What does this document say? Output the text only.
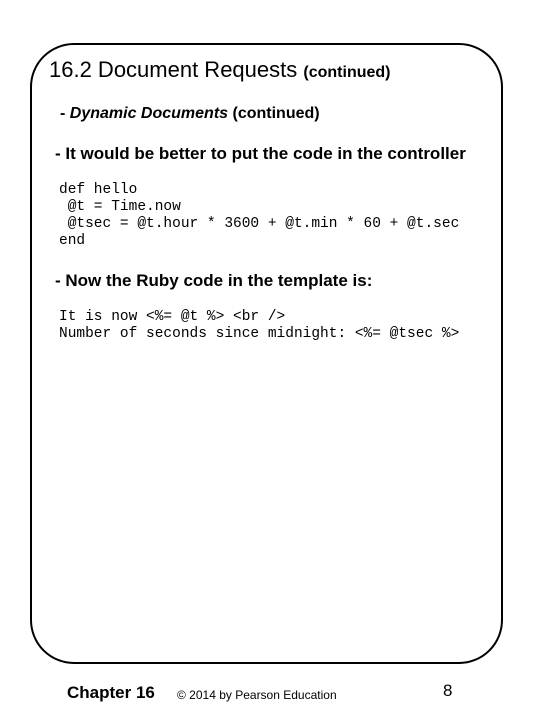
16.2 Document Requests (continued)
- Dynamic Documents (continued)
- It would be better to put the code in the controller
def hello
@t = Time.now
@tsec = @t.hour * 3600 + @t.min * 60 + @t.sec
end
- Now the Ruby code in the template is:
It is now <%= @t %> <br />
Number of seconds since midnight: <%= @tsec %>
Chapter 16 © 2014 by Pearson Education	8
